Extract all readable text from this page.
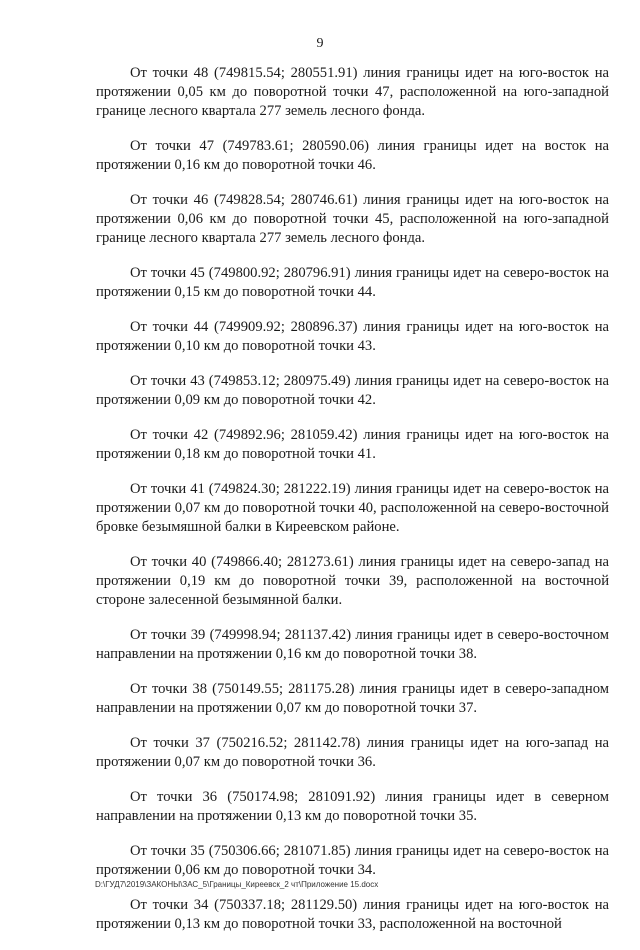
9

От точки 48 (749815.54; 280551.91) линия границы идет на юго-восток на протяжении 0,05 км до поворотной точки 47, расположенной на юго-западной границе лесного квартала 277 земель лесного фонда.

От точки 47 (749783.61; 280590.06) линия границы идет на восток на протяжении 0,16 км до поворотной точки 46.

От точки 46 (749828.54; 280746.61) линия границы идет на юго-восток на протяжении 0,06 км до поворотной точки 45, расположенной на юго-западной границе лесного квартала 277 земель лесного фонда.

От точки 45 (749800.92; 280796.91) линия границы идет на северо-восток на протяжении 0,15 км до поворотной точки 44.

От точки 44 (749909.92; 280896.37) линия границы идет на юго-восток на протяжении 0,10 км до поворотной точки 43.

От точки 43 (749853.12; 280975.49) линия границы идет на северо-восток на протяжении 0,09 км до поворотной точки 42.

От точки 42 (749892.96; 281059.42) линия границы идет на юго-восток на протяжении 0,18 км до поворотной точки 41.

От точки 41 (749824.30; 281222.19) линия границы идет на северо-восток на протяжении 0,07 км до поворотной точки 40, расположенной на северо-восточной бровке безымяшной балки в Киреевском районе.

От точки 40 (749866.40; 281273.61) линия границы идет на северо-запад на протяжении 0,19 км до поворотной точки 39, расположенной на восточной стороне залесенной безымянной балки.

От точки 39 (749998.94; 281137.42) линия границы идет в северо-восточном направлении на протяжении 0,16 км до поворотной точки 38.

От точки 38 (750149.55; 281175.28) линия границы идет в северо-западном направлении на протяжении 0,07 км до поворотной точки 37.

От точки 37 (750216.52; 281142.78) линия границы идет на юго-запад на протяжении 0,07 км до поворотной точки 36.

От точки 36 (750174.98; 281091.92) линия границы идет в северном направлении на протяжении 0,13 км до поворотной точки 35.

От точки 35 (750306.66; 281071.85) линия границы идет на северо-восток на протяжении 0,06 км до поворотной точки 34.

От точки 34 (750337.18; 281129.50) линия границы идет на юго-восток на протяжении 0,13 км до поворотной точки 33, расположенной на восточной

D:\ГУД7\2019\ЗАКОНЫ\ЗАС_5\Границы_Киреевск_2 чт\Приложение 15.docx
